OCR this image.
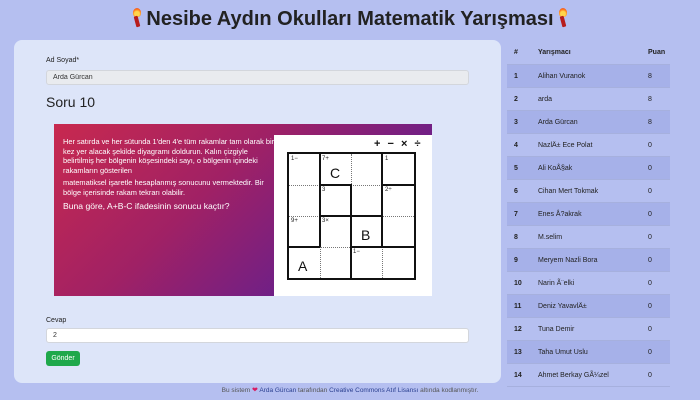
Nesibe Aydın Okulları Matematik Yarışması
Ad Soyad*
Arda Gürcan
Soru 10

Her satırda ve her sütunda 1'den 4'e tüm rakamlar tam olarak bir kez yer alacak şekilde diyagramı doldurun. Kalın çizgiyle belirtilmiş her bölgenin köşesindeki sayı, o bölgenin içindeki rakamların gösterilen

matematiksel işaretle hesaplanmış sonucunu vermektedir. Bir bölge içerisinde rakam tekrarı olabilir.

Buna göre, A+B-C ifadesinin sonucu kaçtır?

+ − × ÷
1−	7+	1
3	2÷
9+	3×
1−
C
B
A
Cevap
2
Gönder
#	Yarışmacı	Puan
1	Alihan Vuranok	8
2	arda	8
3	Arda Gürcan	8
4	NazlÄ± Ece Polat	0
5	Ali KoÅ§ak	0
6	Cihan Mert Tokmak	0
7	Enes Å?akrak	0
8	M.selim	0
9	Meryem Nazli Bora	0
10 Narin Ã¨elki	0
11 Deniz YavavlÄ±	0
12 Tuna Demir	0
13 Taha Umut Uslu	0
14 Ahmet Berkay GÃ¼zel	0
Bu sistem ❤ Arda Gürcan tarafından Creative Commons Atıf Lisansı altında kodlanmıştır.
